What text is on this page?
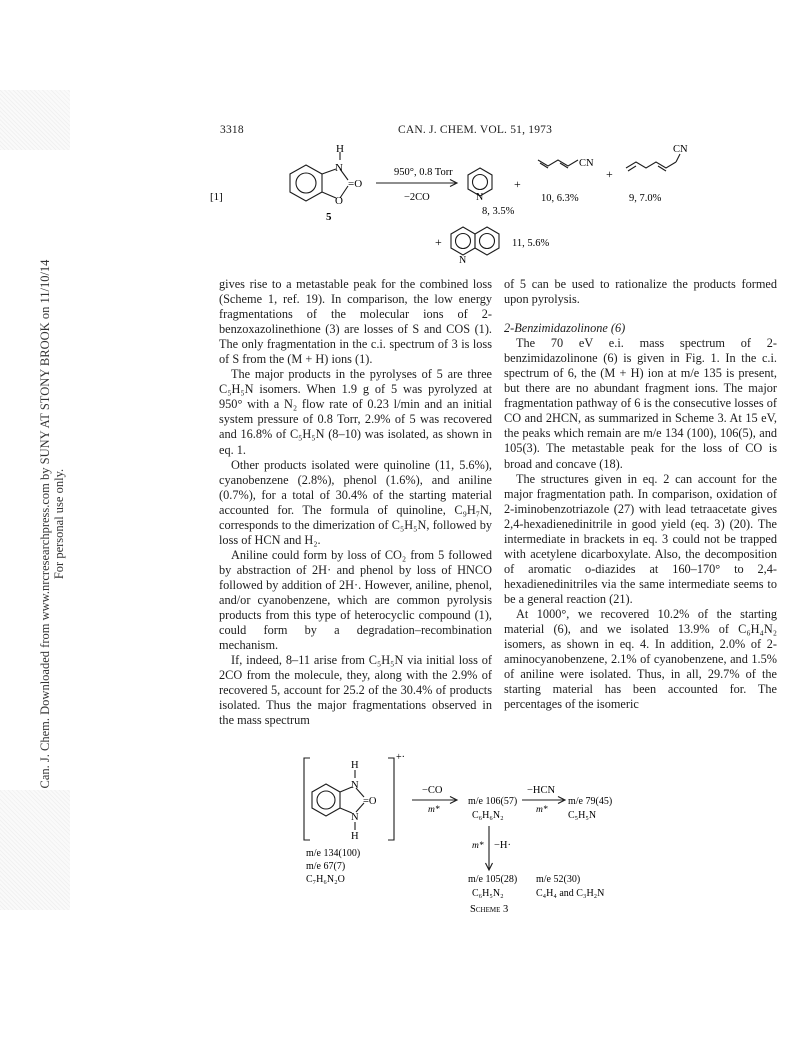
Can. J. Chem. Downloaded from www.nrcresearchpress.com by SUNY AT STONY BROOK on 11/10/14 For personal use only.
3318	CAN. J. CHEM. VOL. 51, 1973
[1]
H
N
O
=O
5
950°, 0.8 Torr
−2CO	N
+
CN
+
CN
8, 3.5%
10, 6.3%	9, 7.0%
+
N
11, 5.6%

gives rise to a metastable peak for the combined loss (Scheme 1, ref. 19). In comparison, the low energy fragmentations of the molecular ions of 2-benzoxazolinethione (3) are losses of S and COS (1). The only fragmentation in the c.i. spectrum of 3 is loss of S from the (M + H) ions (1).

The major products in the pyrolyses of 5 are three C₅H₅N isomers. When 1.9 g of 5 was pyrolyzed at 950° with a N₂ flow rate of 0.23 l/min and an initial system pressure of 0.8 Torr, 2.9% of 5 was recovered and 16.8% of C₅H₅N (8–10) was isolated, as shown in eq. 1.

Other products isolated were quinoline (11, 5.6%), cyanobenzene (2.8%), phenol (1.6%), and aniline (0.7%), for a total of 30.4% of the starting material accounted for. The formula of quinoline, C₉H₇N, corresponds to the dimerization of C₅H₅N, followed by loss of HCN and H₂.

Aniline could form by loss of CO₂ from 5 followed by abstraction of 2H· and phenol by loss of HNCO followed by addition of 2H·. However, aniline, phenol, and/or cyanobenzene, which are common pyrolysis products from this type of heterocyclic compound (1), could form by a degradation–recombination mechanism.

If, indeed, 8–11 arise from C₅H₅N via initial loss of 2CO from the molecule, they, along with the 2.9% of recovered 5, account for 25.2 of the 30.4% of products isolated. Thus the major fragmentations observed in the mass spectrum

of 5 can be used to rationalize the products formed upon pyrolysis.

2-Benzimidazolinone (6)

The 70 eV e.i. mass spectrum of 2-benzimidazolinone (6) is given in Fig. 1. In the c.i. spectrum of 6, the (M + H) ion at m/e 135 is present, but there are no abundant fragment ions. The major fragmentation pathway of 6 is the consecutive losses of CO and 2HCN, as summarized in Scheme 3. At 15 eV, the peaks which remain are m/e 134 (100), 106(5), and 105(3). The metastable peak for the loss of CO is broad and concave (18).

The structures given in eq. 2 can account for the major fragmentation path. In comparison, oxidation of 2-iminobenzotriazole (27) with lead tetraacetate gives 2,4-hexadienedinitrile in good yield (eq. 3) (20). The intermediate in brackets in eq. 3 could not be trapped with acetylene dicarboxylate. Also, the decomposition of aromatic o-diazides at 160–170° to 2,4-hexadienedinitriles via the same intermediate seems to be a general reaction (21).

At 1000°, we recovered 10.2% of the starting material (6), and we isolated 13.9% of C₆H₄N₂ isomers, as shown in eq. 4. In addition, 2.0% of 2-aminocyanobenzene, 2.1% of cyanobenzene, and 1.5% of aniline were isolated. Thus, in all, 29.7% of the starting material has been accounted for. The percentages of the isomeric

+·
H
N
=O
N
H
m/e 134(100)
m/e 67(7)
C₇H₆N₂O
−CO
m*
m/e 106(57)
C₆H₆N₂
−HCN
m*
m/e 79(45)
C₅H₅N
m* −H·
m/e 105(28)
C₆H₅N₂
m/e 52(30)
C₄H₄ and C₃H₂N
Scheme 3
